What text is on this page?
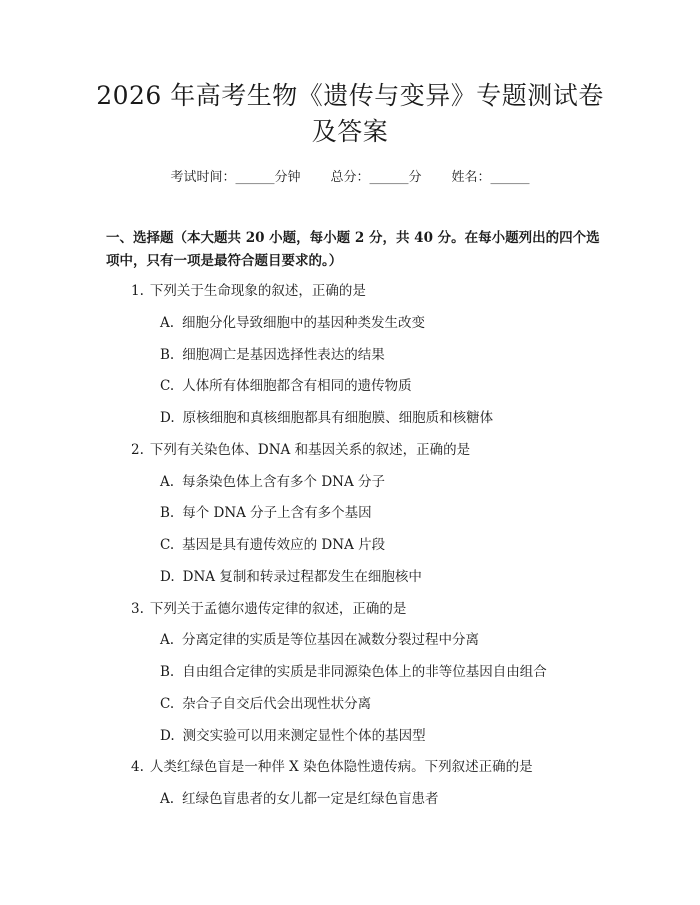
2026 年高考生物《遗传与变异》专题测试卷
及答案
考试时间：______分钟 总分：______分 姓名：______
一、选择题（本大题共 20 小题，每小题 2 分，共 40 分。在每小题列出的四个选项中，只有一项是最符合题目要求的。）
1. 下列关于生命现象的叙述，正确的是
A. 细胞分化导致细胞中的基因种类发生改变
B. 细胞凋亡是基因选择性表达的结果
C. 人体所有体细胞都含有相同的遗传物质
D. 原核细胞和真核细胞都具有细胞膜、细胞质和核糖体
2. 下列有关染色体、DNA 和基因关系的叙述，正确的是
A. 每条染色体上含有多个 DNA 分子
B. 每个 DNA 分子上含有多个基因
C. 基因是具有遗传效应的 DNA 片段
D. DNA 复制和转录过程都发生在细胞核中
3. 下列关于孟德尔遗传定律的叙述，正确的是
A. 分离定律的实质是等位基因在减数分裂过程中分离
B. 自由组合定律的实质是非同源染色体上的非等位基因自由组合
C. 杂合子自交后代会出现性状分离
D. 测交实验可以用来测定显性个体的基因型
4. 人类红绿色盲是一种伴 X 染色体隐性遗传病。下列叙述正确的是
A. 红绿色盲患者的女儿都一定是红绿色盲患者
